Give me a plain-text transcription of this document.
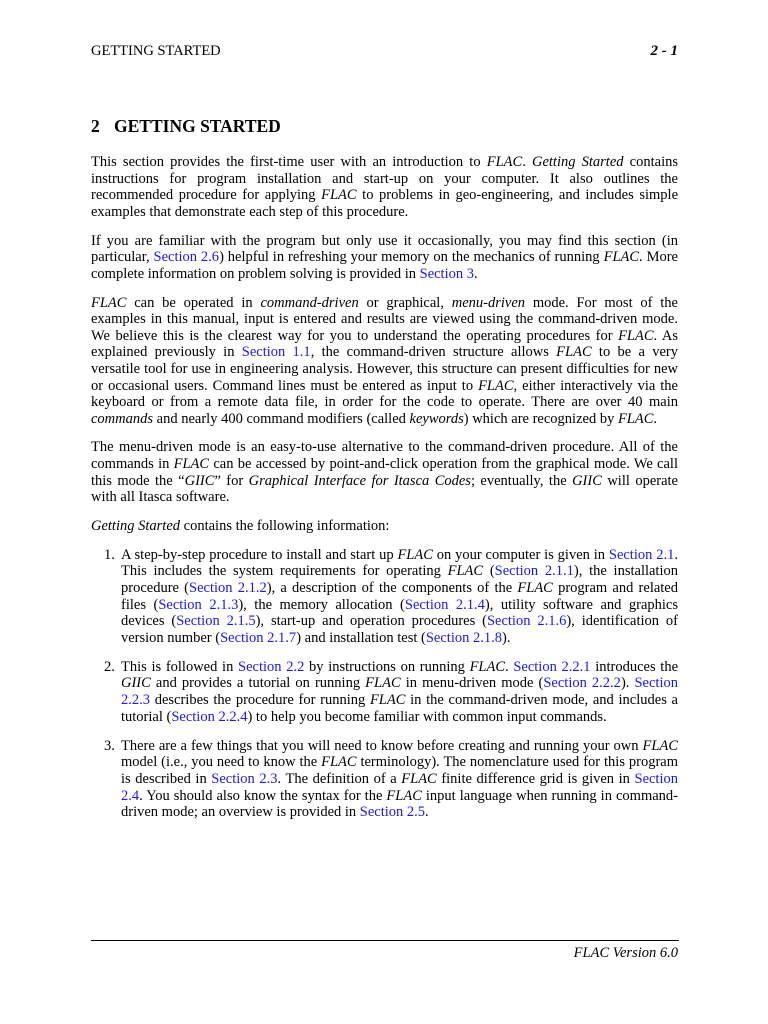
GETTING STARTED	2 - 1
2 GETTING STARTED

This section provides the first-time user with an introduction to FLAC. Getting Started contains instructions for program installation and start-up on your computer. It also outlines the recommended procedure for applying FLAC to problems in geo-engineering, and includes simple examples that demonstrate each step of this procedure.

If you are familiar with the program but only use it occasionally, you may find this section (in particular, Section 2.6) helpful in refreshing your memory on the mechanics of running FLAC. More complete information on problem solving is provided in Section 3.

FLAC can be operated in command-driven or graphical, menu-driven mode. For most of the examples in this manual, input is entered and results are viewed using the command-driven mode. We believe this is the clearest way for you to understand the operating procedures for FLAC. As explained previously in Section 1.1, the command-driven structure allows FLAC to be a very versatile tool for use in engineering analysis. However, this structure can present difficulties for new or occasional users. Command lines must be entered as input to FLAC, either interactively via the keyboard or from a remote data file, in order for the code to operate. There are over 40 main commands and nearly 400 command modifiers (called keywords) which are recognized by FLAC.

The menu-driven mode is an easy-to-use alternative to the command-driven procedure. All of the commands in FLAC can be accessed by point-and-click operation from the graphical mode. We call this mode the “GIIC” for Graphical Interface for Itasca Codes; eventually, the GIIC will operate with all Itasca software.

Getting Started contains the following information:

1. A step-by-step procedure to install and start up FLAC on your computer is given in Section 2.1. This includes the system requirements for operating FLAC (Section 2.1.1), the installation procedure (Section 2.1.2), a description of the components of the FLAC program and related files (Section 2.1.3), the memory allocation (Section 2.1.4), utility software and graphics devices (Section 2.1.5), start-up and operation procedures (Section 2.1.6), identification of version number (Section 2.1.7) and installation test (Section 2.1.8).
2. This is followed in Section 2.2 by instructions on running FLAC. Section 2.2.1 introduces the GIIC and provides a tutorial on running FLAC in menu-driven mode (Section 2.2.2). Section 2.2.3 describes the procedure for running FLAC in the command-driven mode, and includes a tutorial (Section 2.2.4) to help you become familiar with common input commands.
3. There are a few things that you will need to know before creating and running your own FLAC model (i.e., you need to know the FLAC terminology). The nomenclature used for this program is described in Section 2.3. The definition of a FLAC finite difference grid is given in Section 2.4. You should also know the syntax for the FLAC input language when running in command-driven mode; an overview is provided in Section 2.5.
FLAC Version 6.0
